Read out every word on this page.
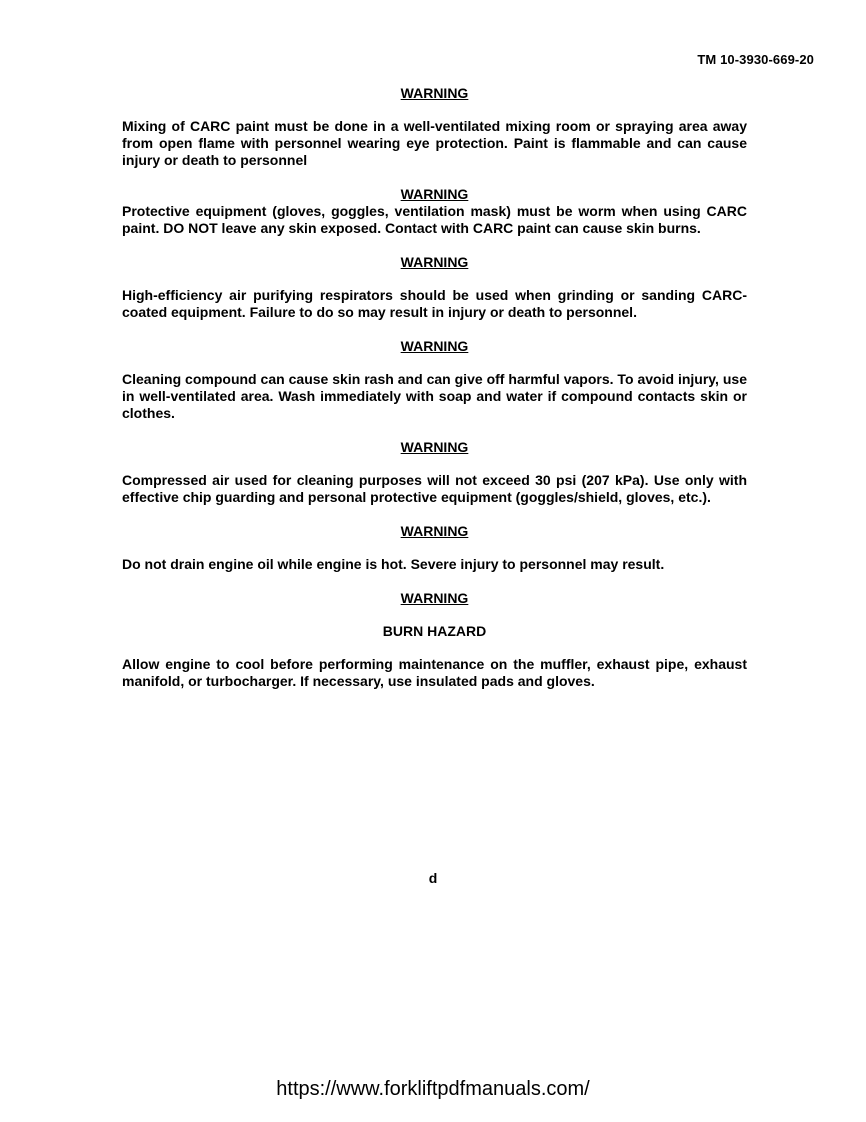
TM 10-3930-669-20

WARNING

Mixing of CARC paint must be done in a well-ventilated mixing room or spraying area away from open flame with personnel wearing eye protection. Paint is flammable and can cause injury or death to personnel

WARNING

Protective equipment (gloves, goggles, ventilation mask) must be worm when using CARC paint. DO NOT leave any skin exposed. Contact with CARC paint can cause skin burns.

WARNING

High-efficiency air purifying respirators should be used when grinding or sanding CARC-coated equipment. Failure to do so may result in injury or death to personnel.

WARNING

Cleaning compound can cause skin rash and can give off harmful vapors. To avoid injury, use in well-ventilated area. Wash immediately with soap and water if compound contacts skin or clothes.

WARNING

Compressed air used for cleaning purposes will not exceed 30 psi (207 kPa). Use only with effective chip guarding and personal protective equipment (goggles/shield, gloves, etc.).

WARNING

Do not drain engine oil while engine is hot. Severe injury to personnel may result.

WARNING

BURN HAZARD

Allow engine to cool before performing maintenance on the muffler, exhaust pipe, exhaust manifold, or turbocharger. If necessary, use insulated pads and gloves.

d
https://www.forkliftpdfmanuals.com/
